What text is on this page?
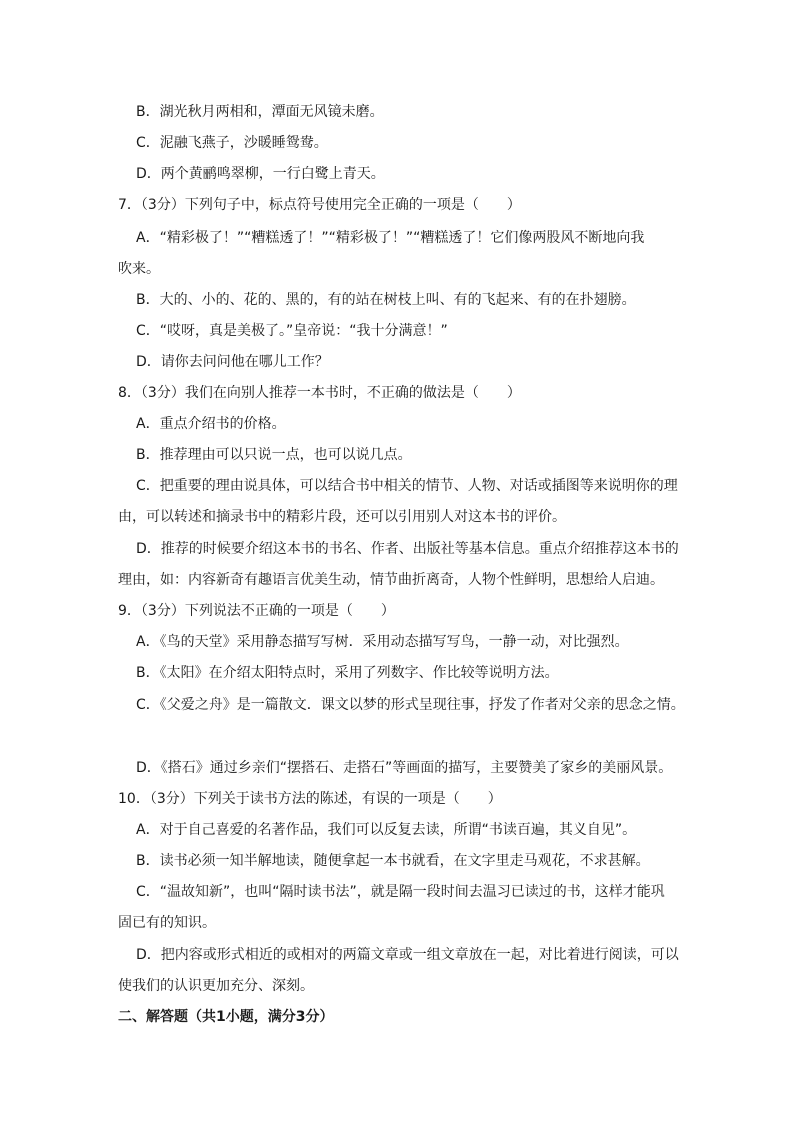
B．湖光秋月两相和，潭面无风镜未磨。
C．泥融飞燕子，沙暖睡鸳鸯。
D．两个黄鹂鸣翠柳，一行白鹭上青天。
7．（3分）下列句子中，标点符号使用完全正确的一项是（　　）
A．“精彩极了！”“糟糕透了！”“精彩极了！”“糟糕透了！它们像两股风不断地向我
吹来。
B．大的、小的、花的、黑的，有的站在树枝上叫、有的飞起来、有的在扑翅膀。
C．“哎呀，真是美极了。”皇帝说：“我十分满意！”
D．请你去问问他在哪儿工作？
8．（3分）我们在向别人推荐一本书时，不正确的做法是（　　）
A．重点介绍书的价格。
B．推荐理由可以只说一点，也可以说几点。
C．把重要的理由说具体，可以结合书中相关的情节、人物、对话或插图等来说明你的理
由，可以转述和摘录书中的精彩片段，还可以引用别人对这本书的评价。
D．推荐的时候要介绍这本书的书名、作者、出版社等基本信息。重点介绍推荐这本书的
理由，如：内容新奇有趣语言优美生动，情节曲折离奇，人物个性鲜明，思想给人启迪。
9．（3分）下列说法不正确的一项是（　　）
A．《鸟的天堂》采用静态描写写树．采用动态描写写鸟，一静一动，对比强烈。
B．《太阳》在介绍太阳特点时，采用了列数字、作比较等说明方法。
C．《父爱之舟》是一篇散文．课文以梦的形式呈现往事，抒发了作者对父亲的思念之情。
D．《搭石》通过乡亲们“摆搭石、走搭石”等画面的描写，主要赞美了家乡的美丽风景。
10．（3分）下列关于读书方法的陈述，有误的一项是（　　）
A．对于自己喜爱的名著作品，我们可以反复去读，所谓“书读百遍，其义自见”。
B．读书必须一知半解地读，随便拿起一本书就看，在文字里走马观花，不求甚解。
C．“温故知新”，也叫“隔时读书法”，就是隔一段时间去温习已读过的书，这样才能巩
固已有的知识。
D．把内容或形式相近的或相对的两篇文章或一组文章放在一起，对比着进行阅读，可以
使我们的认识更加充分、深刻。
二、解答题（共1小题，满分3分）
